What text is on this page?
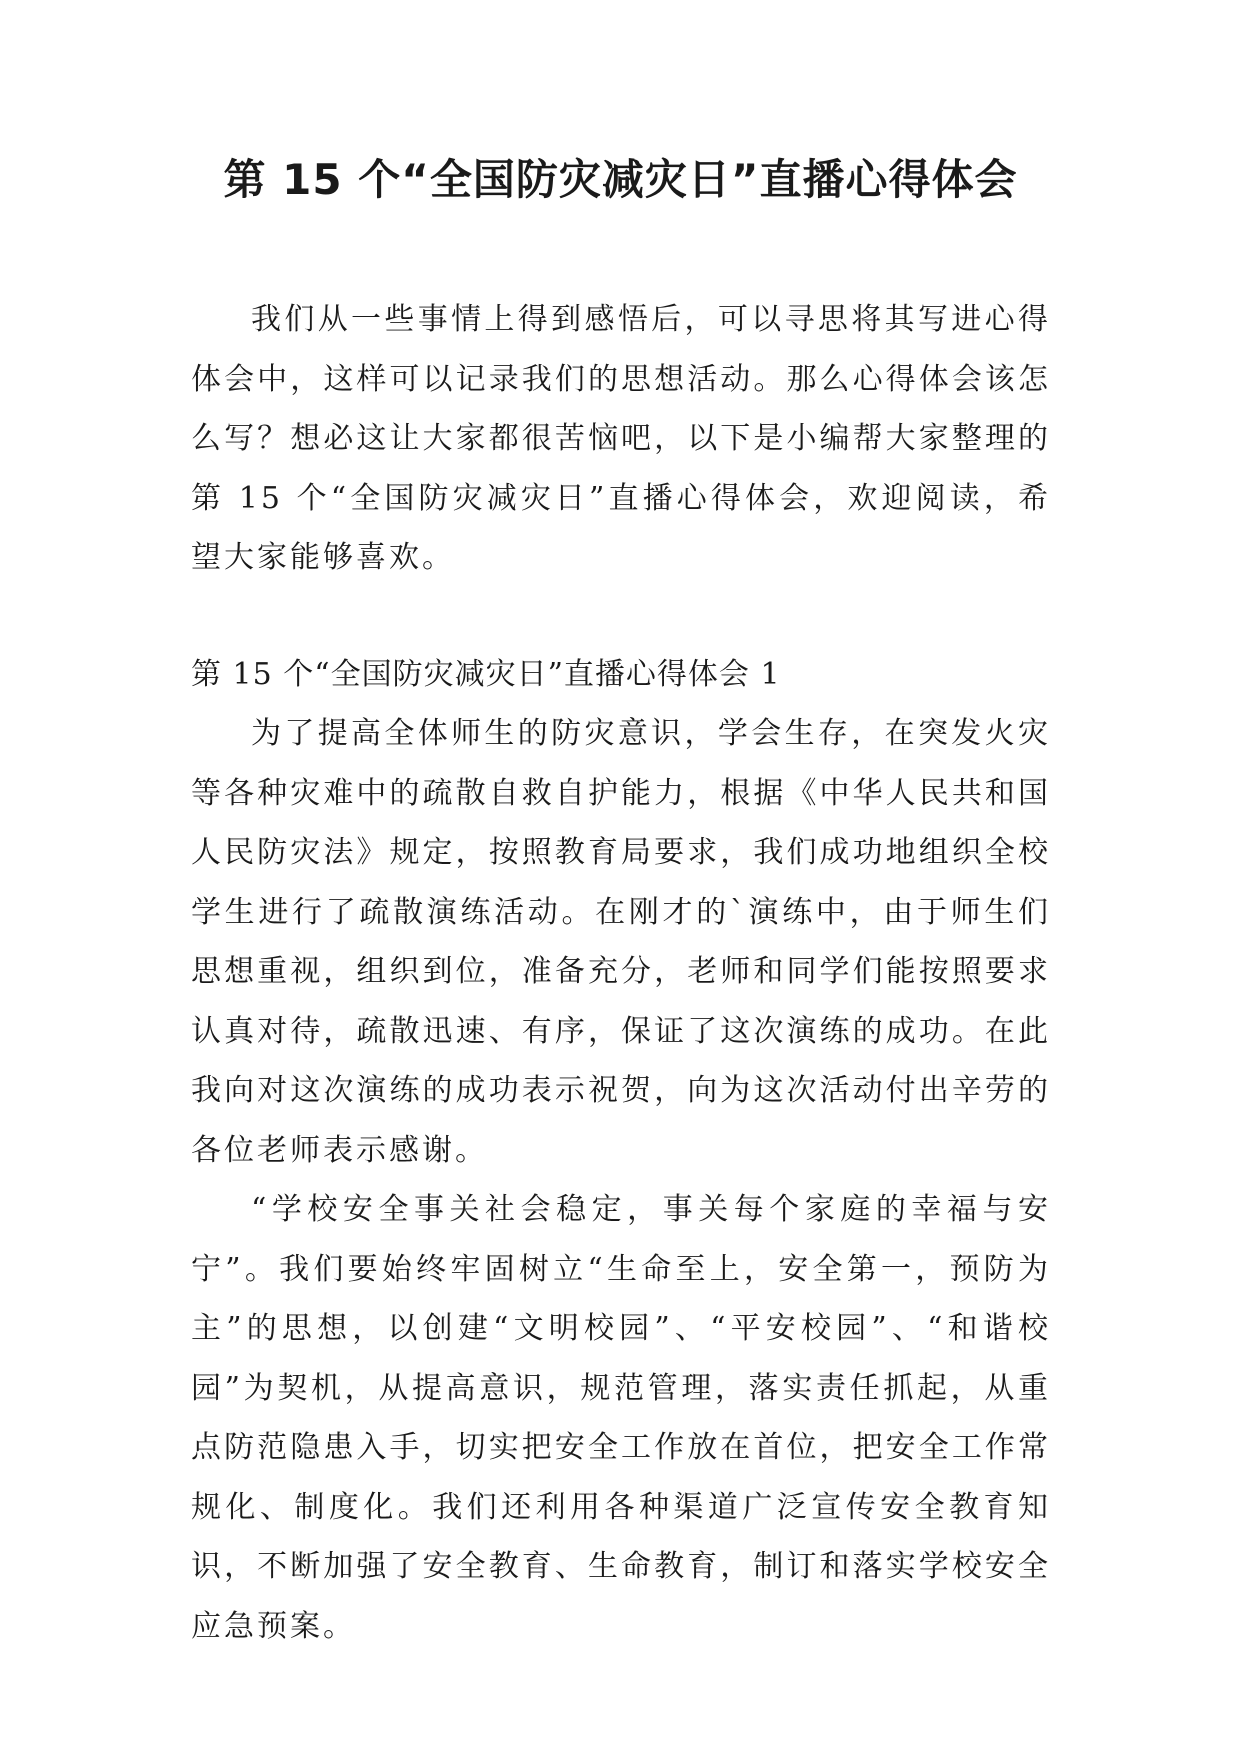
第 15 个“全国防灾减灾日”直播心得体会

我们从一些事情上得到感悟后，可以寻思将其写进心得体会中，这样可以记录我们的思想活动。那么心得体会该怎么写？想必这让大家都很苦恼吧，以下是小编帮大家整理的第 15 个“全国防灾减灾日”直播心得体会，欢迎阅读，希望大家能够喜欢。

第 15 个“全国防灾减灾日”直播心得体会 1

为了提高全体师生的防灾意识，学会生存，在突发火灾等各种灾难中的疏散自救自护能力，根据《中华人民共和国人民防灾法》规定，按照教育局要求，我们成功地组织全校学生进行了疏散演练活动。在刚才的`演练中，由于师生们思想重视，组织到位，准备充分，老师和同学们能按照要求认真对待，疏散迅速、有序，保证了这次演练的成功。在此我向对这次演练的成功表示祝贺，向为这次活动付出辛劳的各位老师表示感谢。

“学校安全事关社会稳定，事关每个家庭的幸福与安宁”。我们要始终牢固树立“生命至上，安全第一，预防为主”的思想，以创建“文明校园”、“平安校园”、“和谐校园”为契机，从提高意识，规范管理，落实责任抓起，从重点防范隐患入手，切实把安全工作放在首位，把安全工作常规化、制度化。我们还利用各种渠道广泛宣传安全教育知识，不断加强了安全教育、生命教育，制订和落实学校安全应急预案。
